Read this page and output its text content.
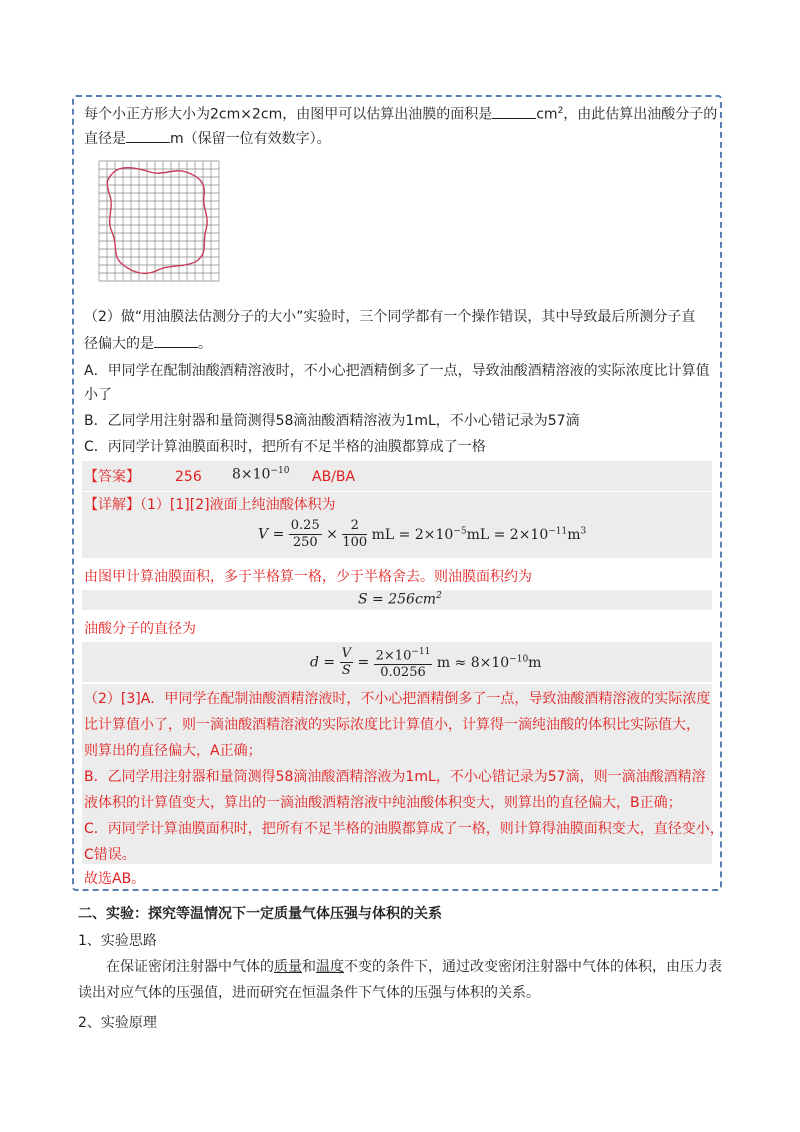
每个小正方形大小为2cm×2cm，由图甲可以估算出油膜的面积是	$cm^2$，由此估算出油酸分子的
直径是	m（保留一位有效数字）。
（2）做“用油膜法估测分子的大小”实验时，三个同学都有一个操作错误，其中导致最后所测分子直
径偏大的是	。
A．甲同学在配制油酸酒精溶液时，不小心把酒精倒多了一点，导致油酸酒精溶液的实际浓度比计算值
小了
B．乙同学用注射器和量筒测得58滴油酸酒精溶液为1mL，不小心错记录为57滴
C．丙同学计算油膜面积时，把所有不足半格的油膜都算成了一格
【答案】	256 $8\times 10^{-10}$ AB/BA
【详解】（1）[1][2]液面上纯油酸体积为
$V = \frac{0.25}{250} \times \frac{2}{100}$ mL = $2\times 10^{-5}mL = 2\times 10^{-11}m^3$
由图甲计算油膜面积，多于半格算一格，少于半格舍去。则油膜面积约为
$S = 256cm^2$
油酸分子的直径为
$d = \frac{V}{S} = \frac{2\times 10^{-11}}{0.0256}$ $m \approx 8\times 10^{-10}m$
（2）[3]A．甲同学在配制油酸酒精溶液时，不小心把酒精倒多了一点，导致油酸酒精溶液的实际浓度
比计算值小了，则一滴油酸酒精溶液的实际浓度比计算值小，计算得一滴纯油酸的体积比实际值大，
则算出的直径偏大，A正确；
B．乙同学用注射器和量筒测得58滴油酸酒精溶液为1mL，不小心错记录为57滴，则一滴油酸酒精溶
液体积的计算值变大，算出的一滴油酸酒精溶液中纯油酸体积变大，则算出的直径偏大，B正确；
C．丙同学计算油膜面积时，把所有不足半格的油膜都算成了一格，则计算得油膜面积变大，直径变小，
C错误。
故选AB。
二、实验：探究等温情况下一定质量气体压强与体积的关系
1、实验思路
在保证密闭注射器中气体的质量和温度不变的条件下，通过改变密闭注射器中气体的体积，由压力表
读出对应气体的压强值，进而研究在恒温条件下气体的压强与体积的关系。
2、实验原理
